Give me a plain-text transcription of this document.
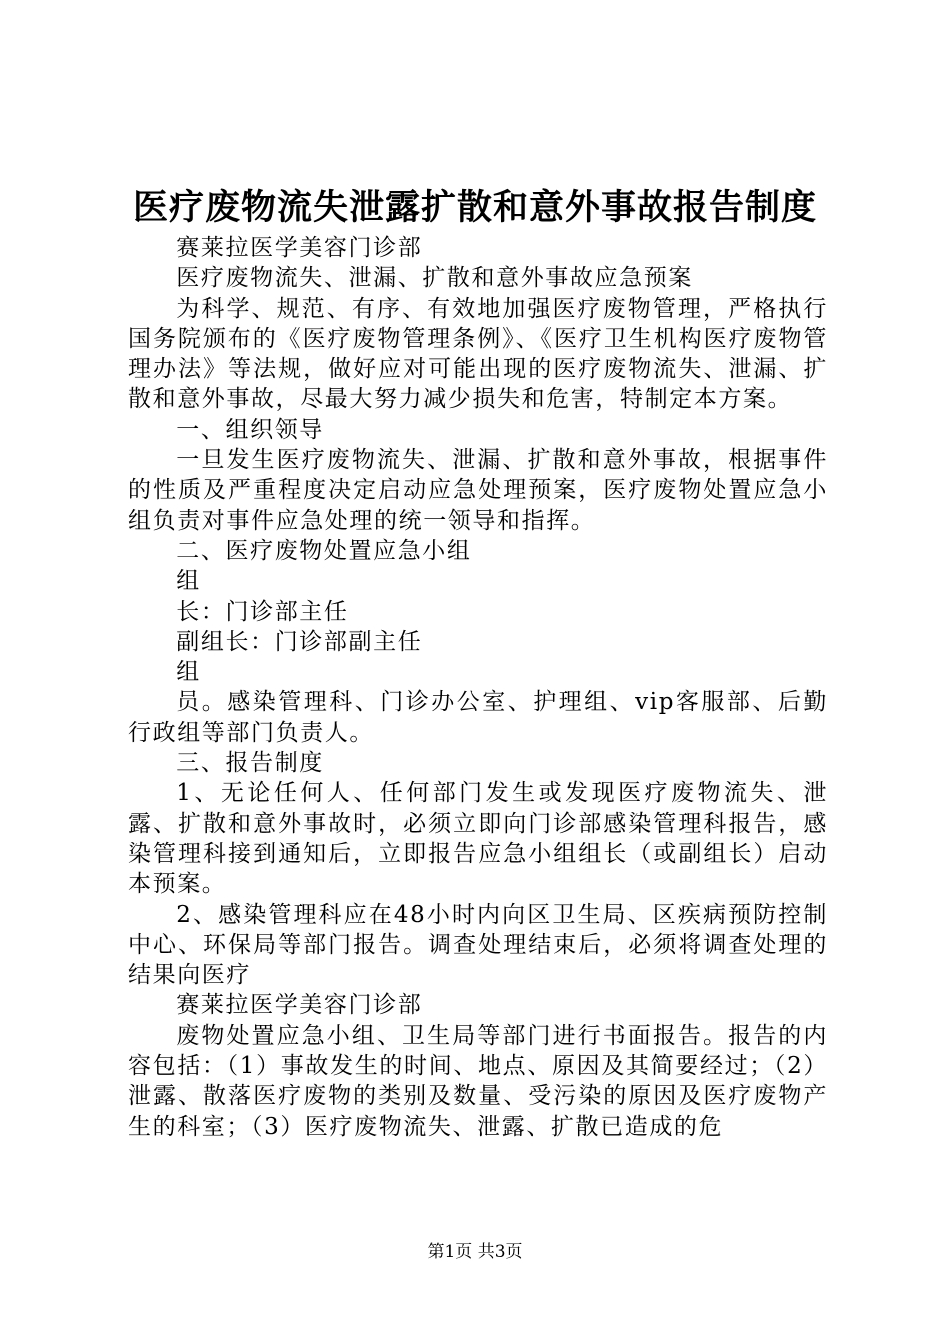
医疗废物流失泄露扩散和意外事故报告制度

赛莱拉医学美容门诊部

医疗废物流失、泄漏、扩散和意外事故应急预案

为科学、规范、有序、有效地加强医疗废物管理，严格执行国务院颁布的《医疗废物管理条例》、《医疗卫生机构医疗废物管理办法》等法规，做好应对可能出现的医疗废物流失、泄漏、扩散和意外事故，尽最大努力减少损失和危害，特制定本方案。

一、组织领导

一旦发生医疗废物流失、泄漏、扩散和意外事故，根据事件的性质及严重程度决定启动应急处理预案，医疗废物处置应急小组负责对事件应急处理的统一领导和指挥。

二、医疗废物处置应急小组

组

长：门诊部主任

副组长：门诊部副主任

组

员。感染管理科、门诊办公室、护理组、vip客服部、后勤行政组等部门负责人。

三、报告制度

1、无论任何人、任何部门发生或发现医疗废物流失、泄露、扩散和意外事故时，必须立即向门诊部感染管理科报告，感染管理科接到通知后，立即报告应急小组组长（或副组长）启动本预案。

2、感染管理科应在48小时内向区卫生局、区疾病预防控制中心、环保局等部门报告。调查处理结束后，必须将调查处理的结果向医疗

赛莱拉医学美容门诊部

废物处置应急小组、卫生局等部门进行书面报告。报告的内容包括：（1）事故发生的时间、地点、原因及其简要经过；（2）泄露、散落医疗废物的类别及数量、受污染的原因及医疗废物产生的科室；（3）医疗废物流失、泄露、扩散已造成的危

第1页 共3页
